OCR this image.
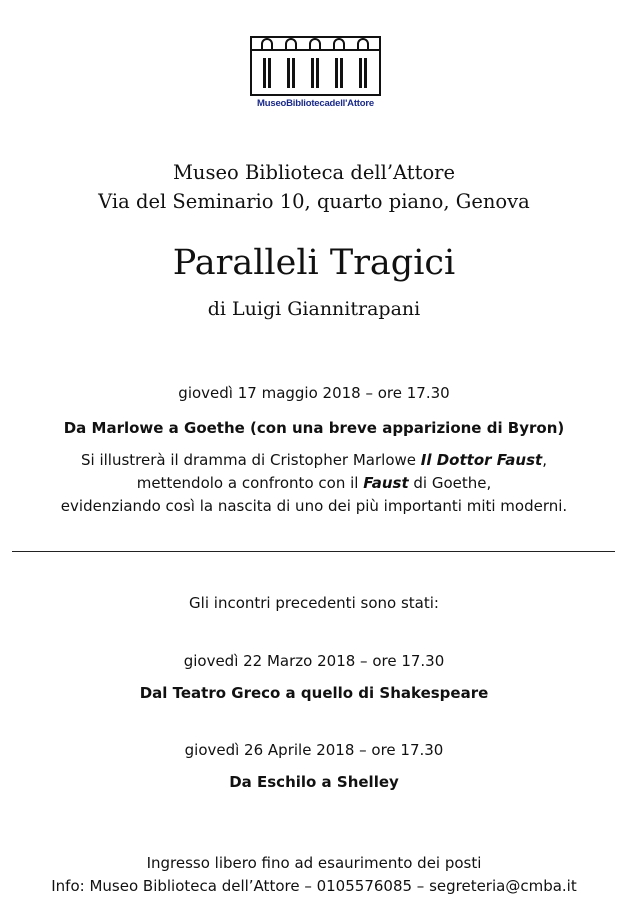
MuseoBibliotecadell'Attore
Museo Biblioteca dell’Attore
Via del Seminario 10, quarto piano, Genova
Paralleli Tragici
di Luigi Giannitrapani
giovedì 17 maggio 2018 – ore 17.30
Da Marlowe a Goethe (con una breve apparizione di Byron)
Si illustrerà il dramma di Cristopher Marlowe Il Dottor Faust,
mettendolo a confronto con il Faust di Goethe,
evidenziando così la nascita di uno dei più importanti miti moderni.
Gli incontri precedenti sono stati:
giovedì 22 Marzo 2018 – ore 17.30
Dal Teatro Greco a quello di Shakespeare
giovedì 26 Aprile 2018 – ore 17.30
Da Eschilo a Shelley
Ingresso libero fino ad esaurimento dei posti
Info: Museo Biblioteca dell’Attore – 0105576085 – segreteria@cmba.it
